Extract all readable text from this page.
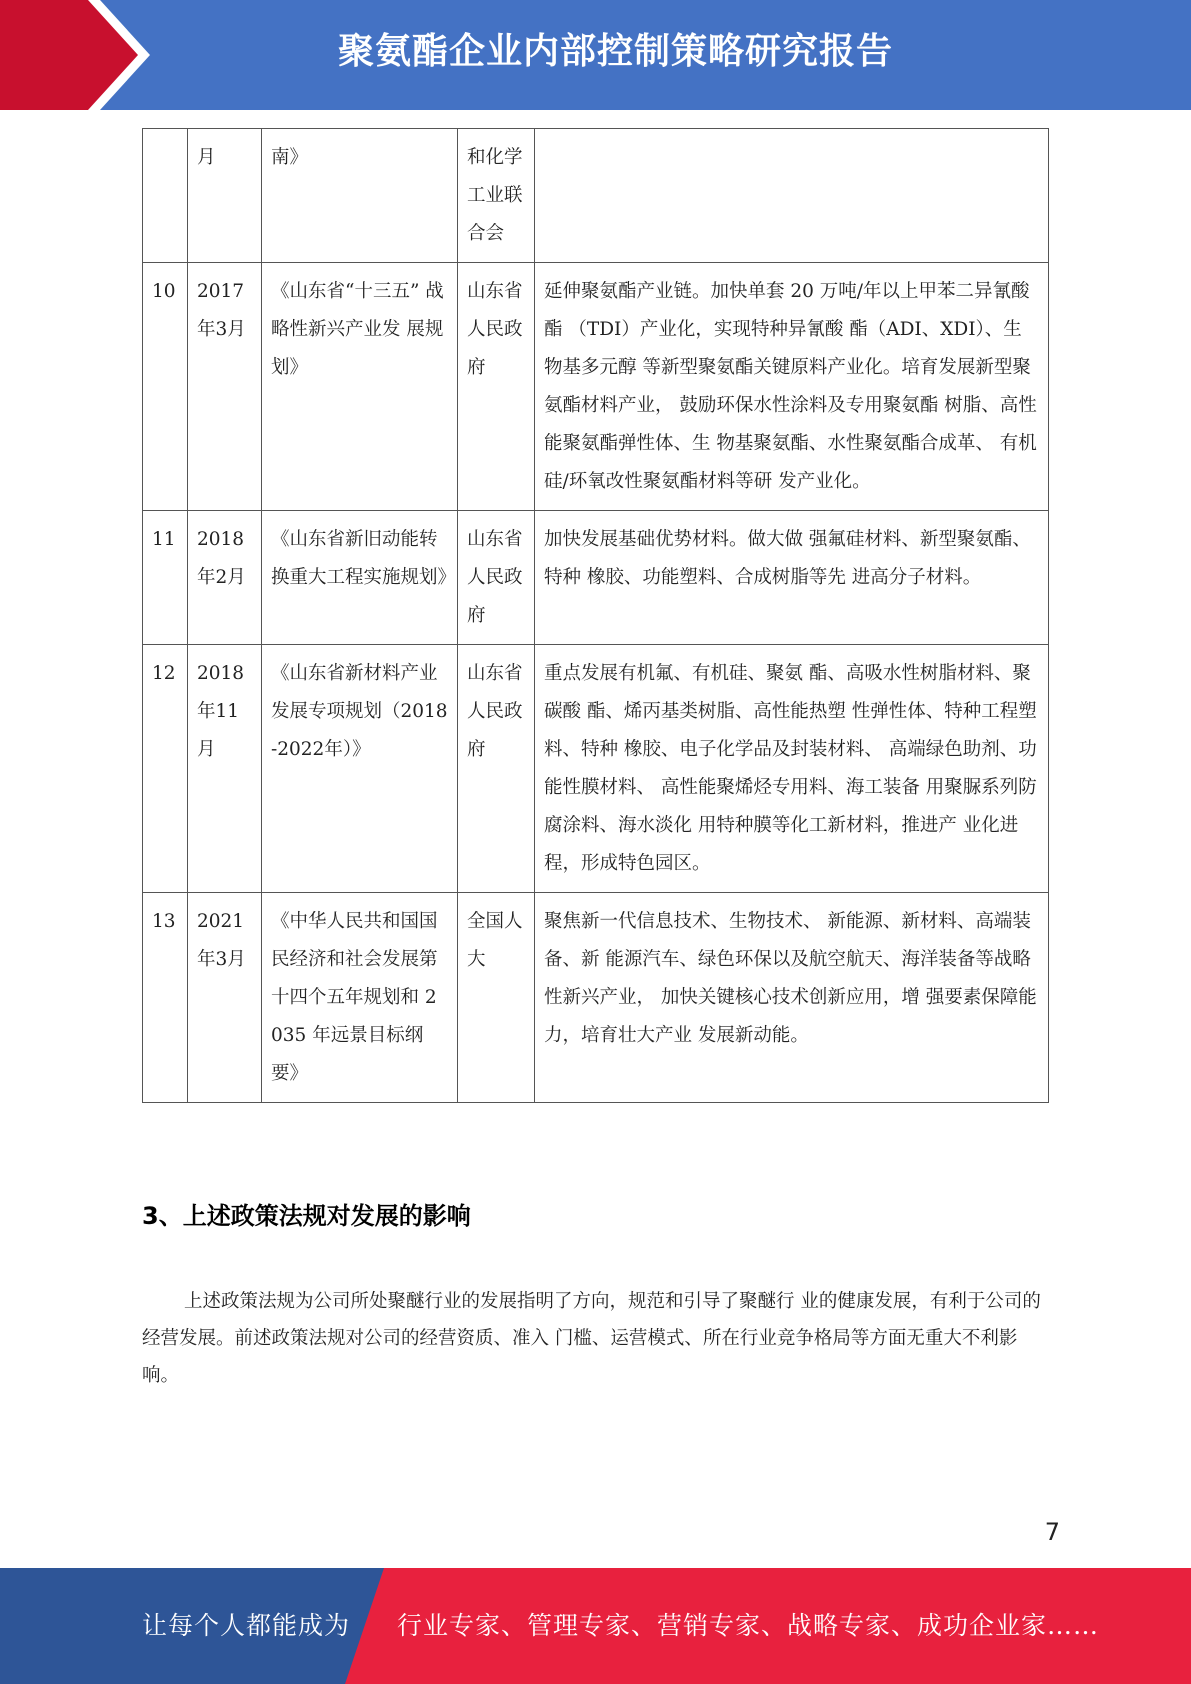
聚氨酯企业内部控制策略研究报告
	月	南》	和化学工业联合会	
10	2017年3月	《山东省“十三五” 战略性新兴产业发 展规划》	山东省人民政府	延伸聚氨酯产业链。加快单套 20 万吨/年以上甲苯二异氰酸酯 （TDI）产业化，实现特种异氰酸 酯（ADI、XDI）、生物基多元醇 等新型聚氨酯关键原料产业化。培育发展新型聚氨酯材料产业， 鼓励环保水性涂料及专用聚氨酯 树脂、高性能聚氨酯弹性体、生 物基聚氨酯、水性聚氨酯合成革、 有机硅/环氧改性聚氨酯材料等研 发产业化。
11	2018年2月	《山东省新旧动能转换重大工程实施规划》	山东省人民政府	加快发展基础优势材料。做大做 强氟硅材料、新型聚氨酯、特种 橡胶、功能塑料、合成树脂等先 进高分子材料。
12	2018年11月	《山东省新材料产业发展专项规划（2018-2022年）》	山东省人民政府	重点发展有机氟、有机硅、聚氨 酯、高吸水性树脂材料、聚碳酸 酯、烯丙基类树脂、高性能热塑 性弹性体、特种工程塑料、特种 橡胶、电子化学品及封装材料、 高端绿色助剂、功能性膜材料、 高性能聚烯烃专用料、海工装备 用聚脲系列防腐涂料、海水淡化 用特种膜等化工新材料，推进产 业化进程，形成特色园区。
13	2021年3月	《中华人民共和国国民经济和社会发展第十四个五年规划和 2035 年远景目标纲要》	全国人大	聚焦新一代信息技术、生物技术、 新能源、新材料、高端装备、新 能源汽车、绿色环保以及航空航天、海洋装备等战略性新兴产业， 加快关键核心技术创新应用，增 强要素保障能力，培育壮大产业 发展新动能。
3、上述政策法规对发展的影响

上述政策法规为公司所处聚醚行业的发展指明了方向，规范和引导了聚醚行 业的健康发展，有利于公司的经营发展。前述政策法规对公司的经营资质、准入 门槛、运营模式、所在行业竞争格局等方面无重大不利影响。

7
让每个人都能成为 行业专家、管理专家、营销专家、战略专家、成功企业家……
